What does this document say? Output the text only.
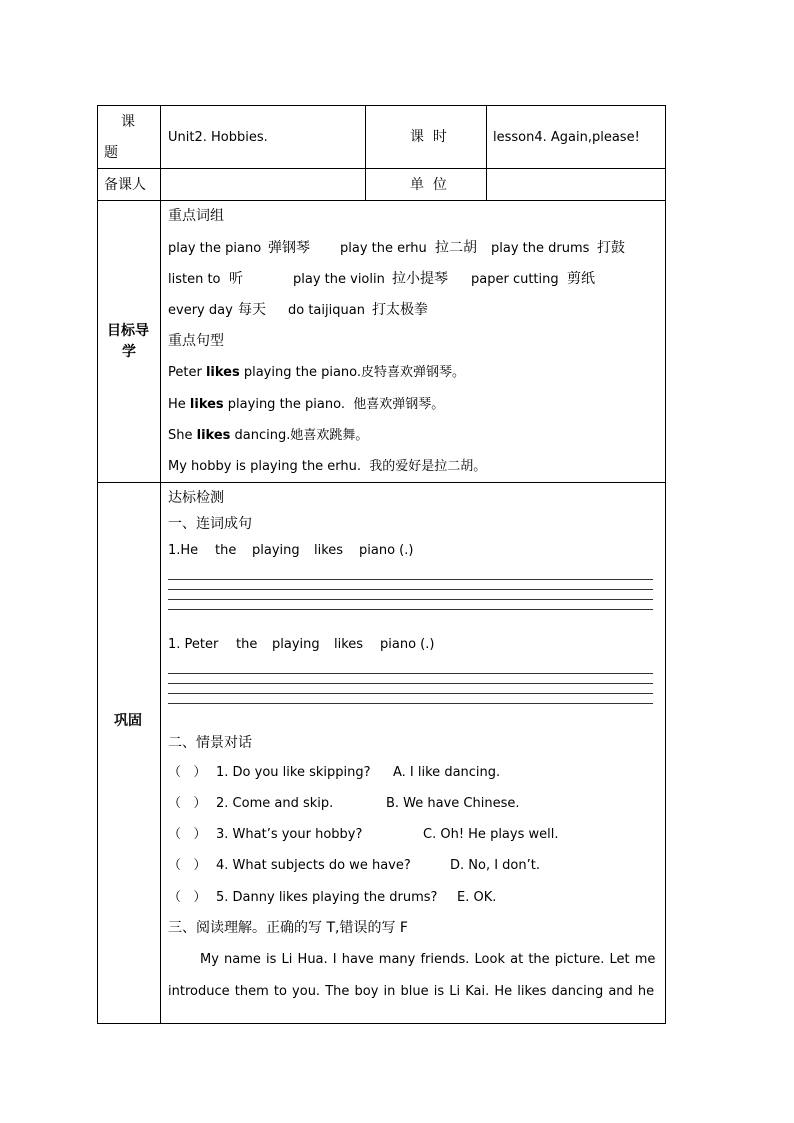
课
题
Unit2. Hobbies.	课  时	lesson4. Again,please!
备课人	单  位
目标导
学
重点词组
play the piano 弹钢琴 play the erhu 拉二胡 play the drums 打鼓
listen to 听	play the violin 拉小提琴 paper cutting 剪纸
every day 每天 do taijiquan 打太极拳
重点句型
Peter likes playing the piano.皮特喜欢弹钢琴。
He likes playing the piano.  他喜欢弹钢琴。
She likes dancing.她喜欢跳舞。
My hobby is playing the erhu.  我的爱好是拉二胡。
巩固
达标检测
一、连词成句
1.He the playing likes piano (.)
1. Peter the playing likes piano (.)
二、情景对话
（   ） 1. Do you like skipping? A. I like dancing.
（   ） 2. Come and skip.	B. We have Chinese.
（   ） 3. What’s your hobby?	C. Oh! He plays well.
（   ） 4. What subjects do we have?	D. No, I don’t.
（   ） 5. Danny likes playing the drums? E. OK.
三、阅读理解。正确的写 T,错误的写 F
My name is Li Hua. I have many friends. Look at the picture. Let me
introduce them to you. The boy in blue is Li Kai. He likes dancing and he
